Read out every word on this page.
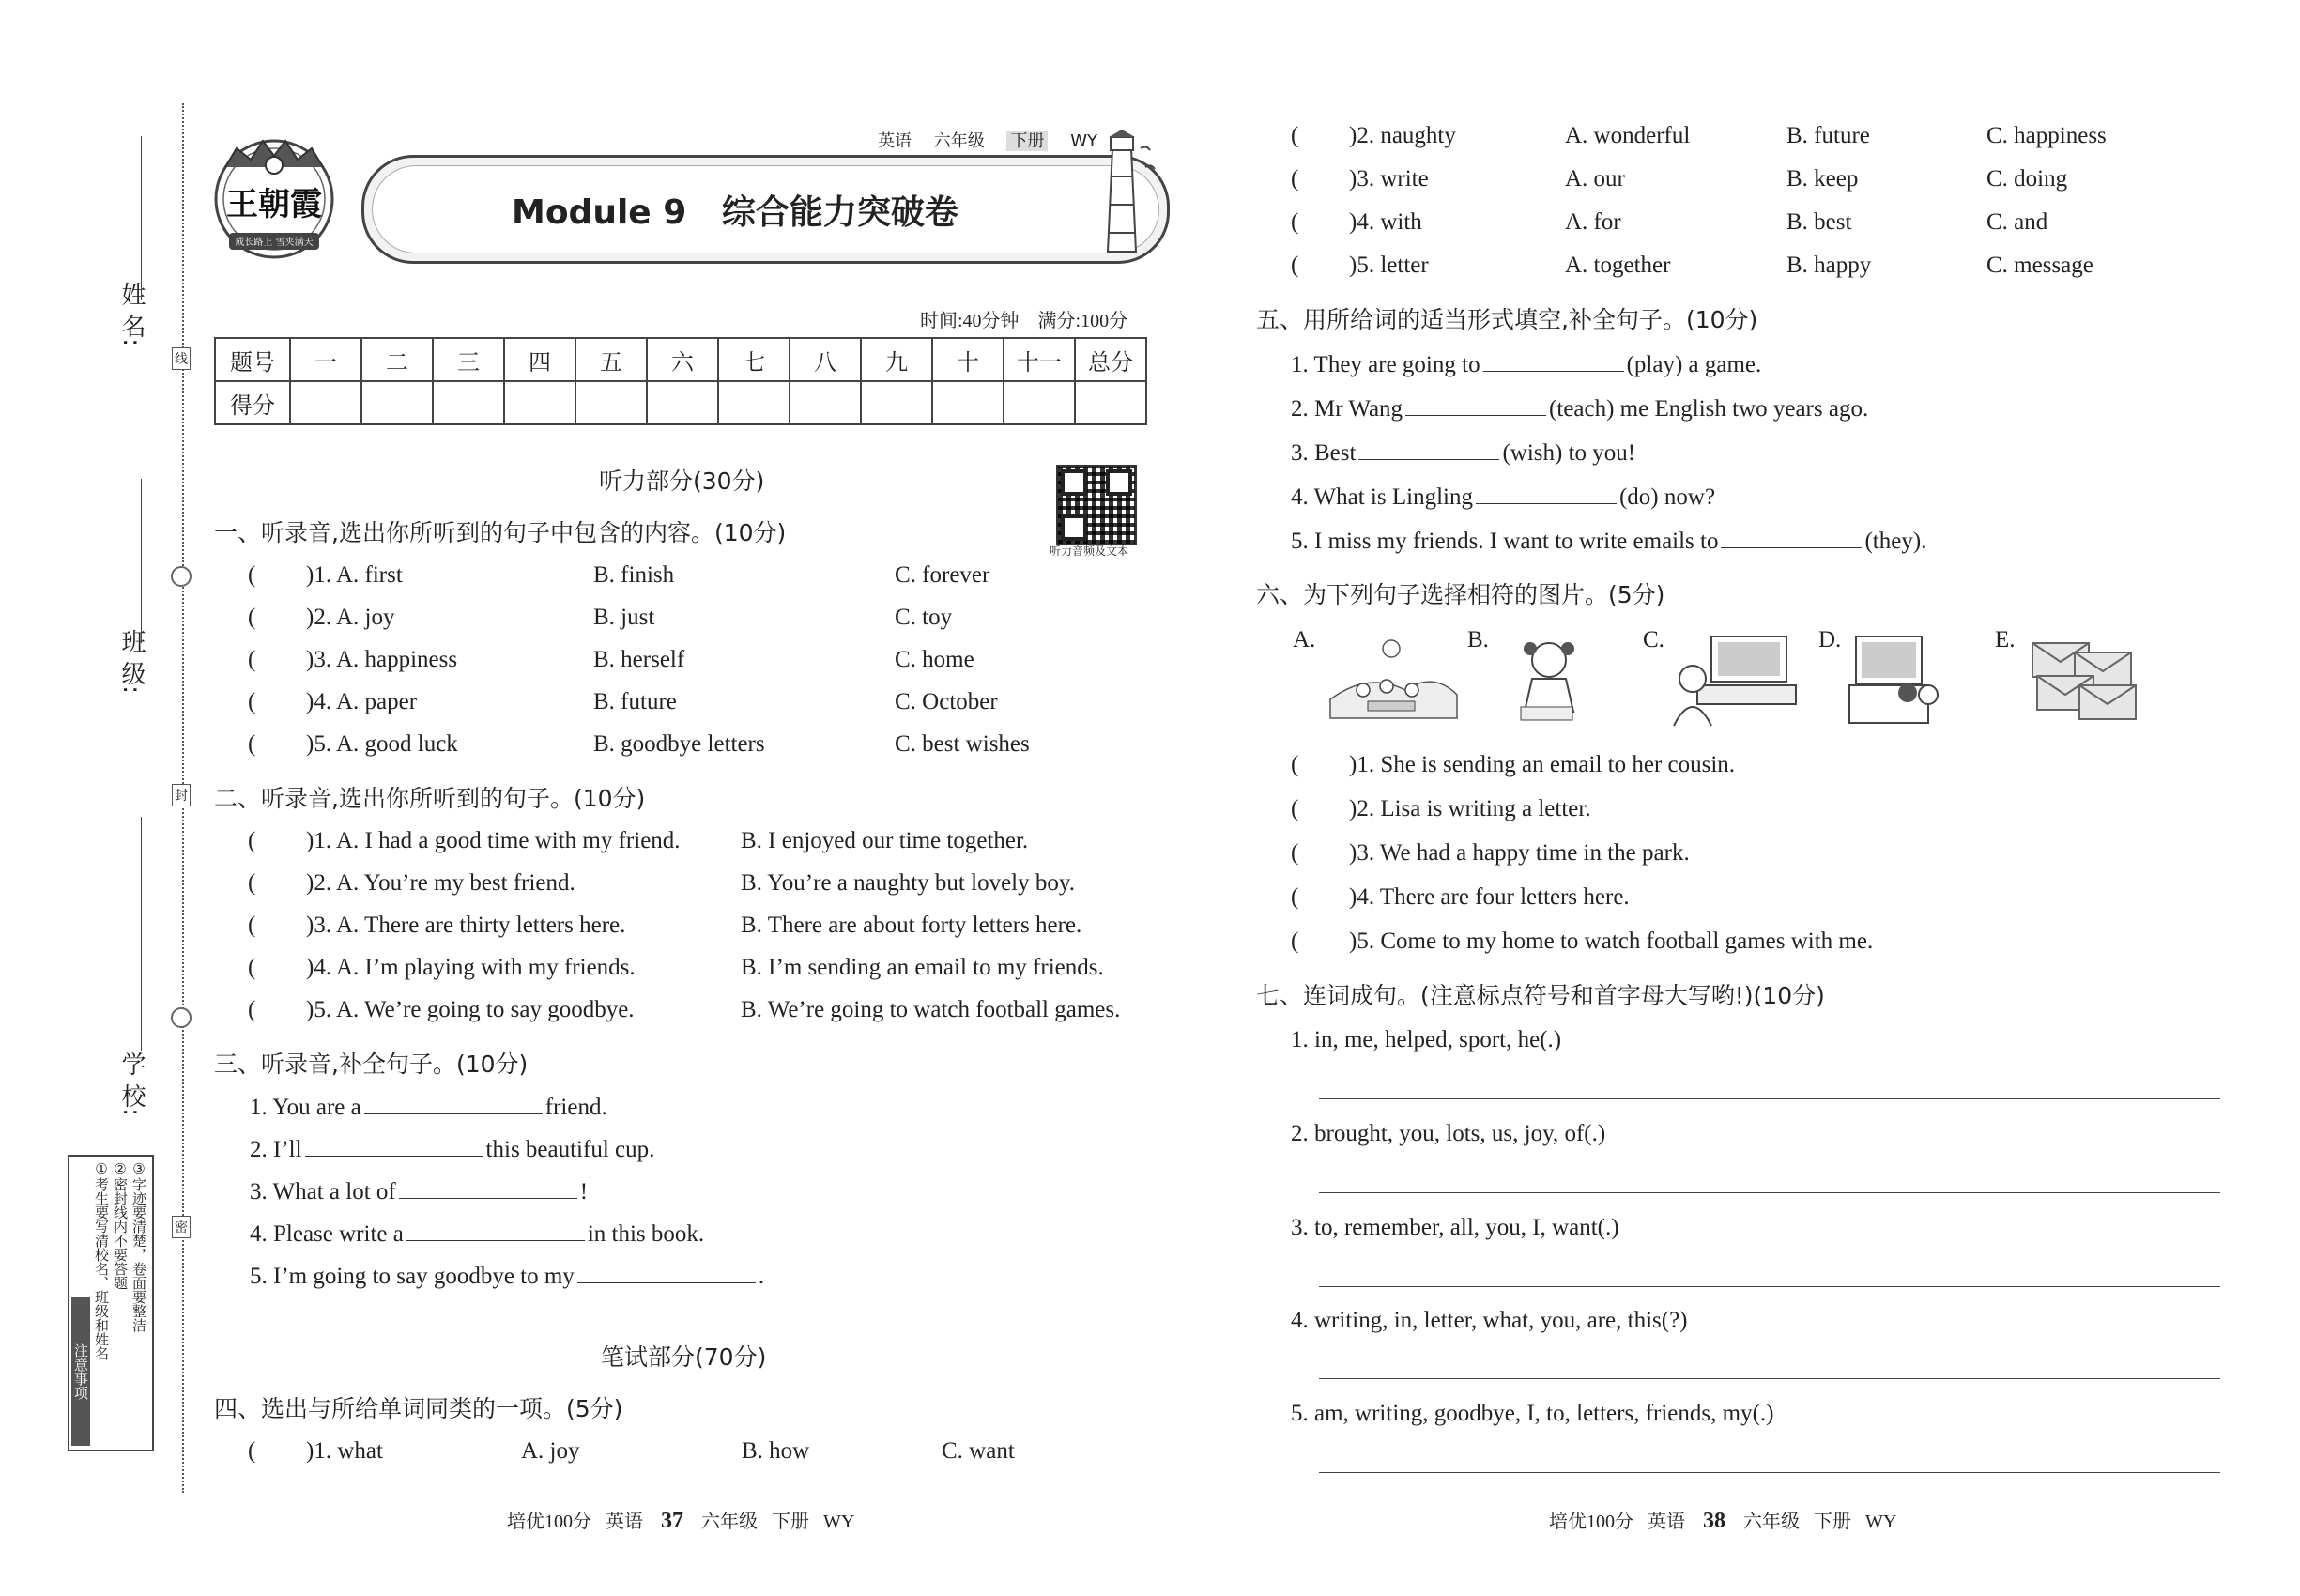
姓 名:
班 级:
学 校:
线
封
密
注意事项
①考生要写清校名、班级和姓名 ②密封线内不要答题 ③字迹要清楚，卷面要整洁
王朝霞
成长路上 雪夹满天
Module 9   综合能力突破卷
英语 六年级 下册 WY
时间:40分钟    满分:100分
题号	一	二	三	四	五	六	七	八	九	十	十一	总分
得分												
听力部分(30分)
听力音频及文本
一、听录音,选出你所听到的句子中包含的内容。(10分)
( )1. A. first	B. finish	C. forever
( )2. A. joy	B. just	C. toy
( )3. A. happiness	B. herself	C. home
( )4. A. paper	B. future	C. October
( )5. A. good luck	B. goodbye letters	C. best wishes
二、听录音,选出你所听到的句子。(10分)
( )1. A. I had a good time with my friend.	B. I enjoyed our time together.
( )2. A. You’re my best friend.	B. You’re a naughty but lovely boy.
( )3. A. There are thirty letters here.	B. There are about forty letters here.
( )4. A. I’m playing with my friends.	B. I’m sending an email to my friends.
( )5. A. We’re going to say goodbye.	B. We’re going to watch football games.
三、听录音,补全句子。(10分)
1. You are a	friend.
2. I’ll	this beautiful cup.
3. What a lot of	!
4. Please write a	in this book.
5. I’m going to say goodbye to my	.
笔试部分(70分)
四、选出与所给单词同类的一项。(5分)
( )1. what	A. joy	B. how	C. want
( )2. naughty	A. wonderful	B. future	C. happiness
( )3. write	A. our	B. keep	C. doing
( )4. with	A. for	B. best	C. and
( )5. letter	A. together	B. happy	C. message
五、用所给词的适当形式填空,补全句子。(10分)
1. They are going to	(play) a game.
2. Mr Wang	(teach) me English two years ago.
3. Best	(wish) to you!
4. What is Lingling	(do) now?
5. I miss my friends. I want to write emails to	(they).
六、为下列句子选择相符的图片。(5分)
A.	B.	C.	D.	E.
( )1. She is sending an email to her cousin.
( )2. Lisa is writing a letter.
( )3. We had a happy time in the park.
( )4. There are four letters here.
( )5. Come to my home to watch football games with me.
七、连词成句。(注意标点符号和首字母大写哟!)(10分)
1. in, me, helped, sport, he(.)
2. brought, you, lots, us, joy, of(.)
3. to, remember, all, you, I, want(.)
4. writing, in, letter, what, you, are, this(?)
5. am, writing, goodbye, I, to, letters, friends, my(.)
培优100分   英语 37 六年级   下册   WY	培优100分   英语 38 六年级   下册   WY
